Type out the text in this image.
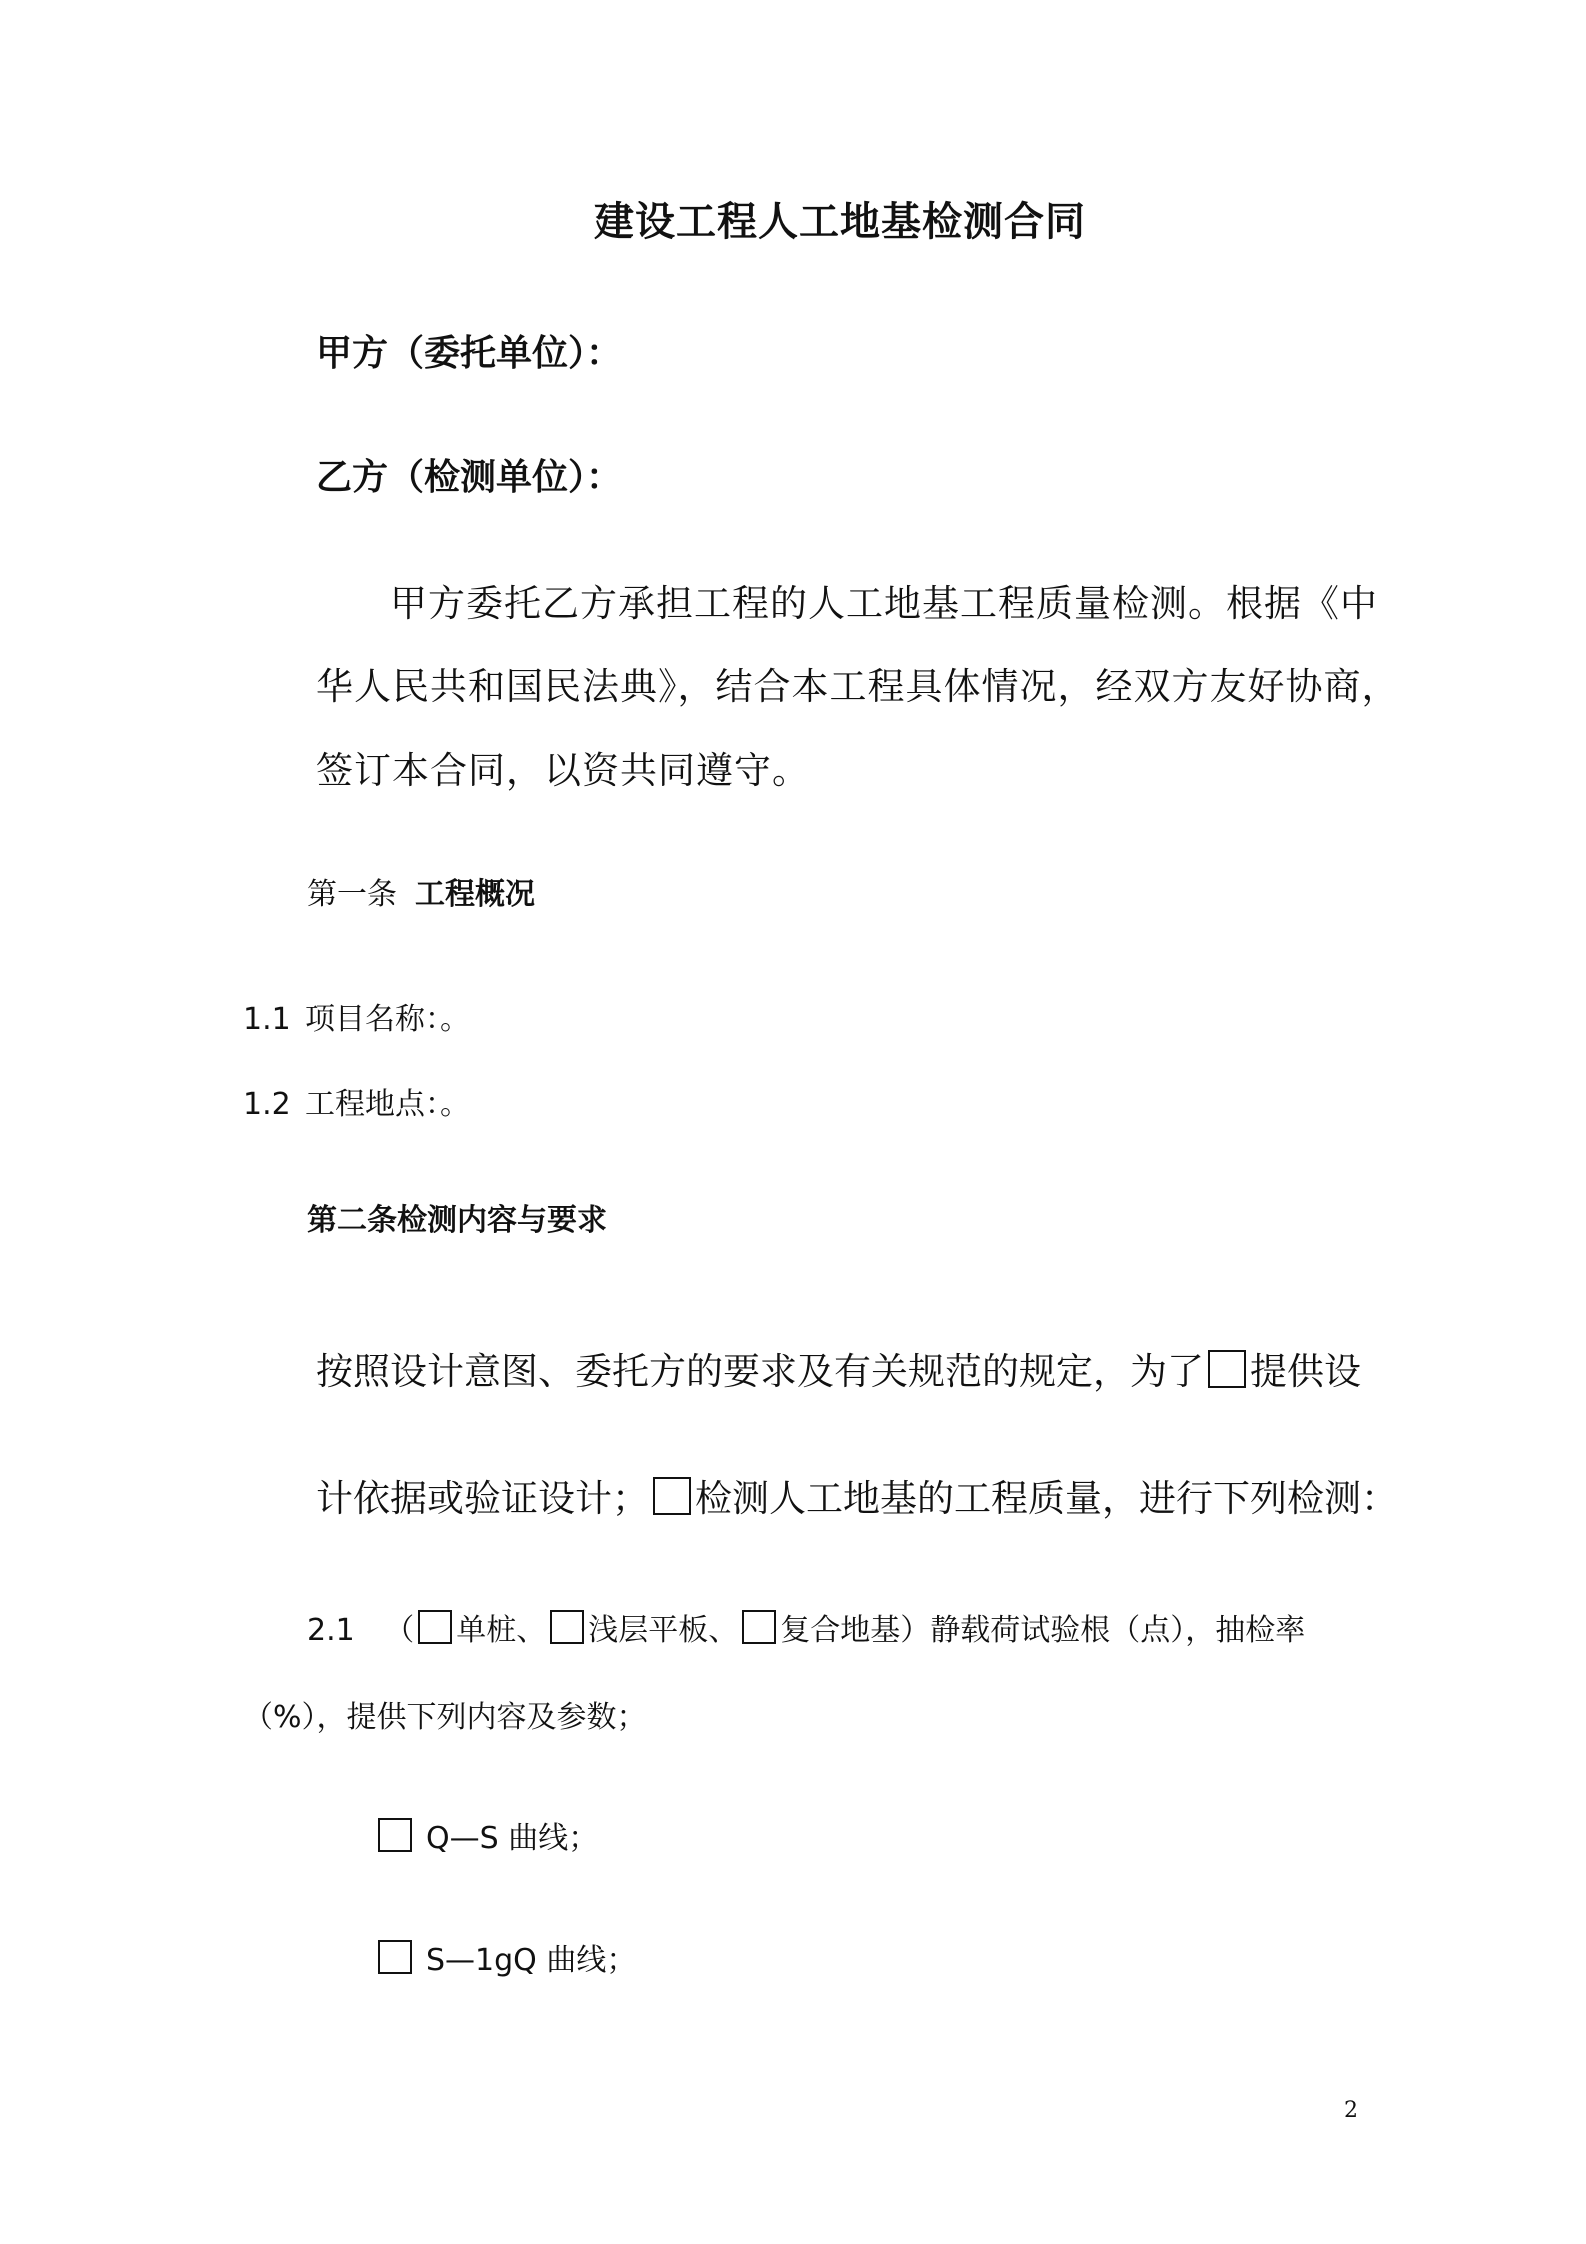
建设工程人工地基检测合同
甲方（委托单位）：
乙方（检测单位）：
甲方委托乙方承担工程的人工地基工程质量检测。根据《中
华人民共和国民法典》，结合本工程具体情况，经双方友好协商，
签订本合同，以资共同遵守。
第一条 工程概况
1.1 项目名称：。
1.2 工程地点：。
第二条检测内容与要求
按照设计意图、委托方的要求及有关规范的规定，为了 提供设
计依据或验证设计； 检测人工地基的工程质量，进行下列检测：
2.1 （ 单桩、 浅层平板、 复合地基）静载荷试验根（点），抽检率
（%），提供下列内容及参数；
Q—S 曲线；
S—1gQ 曲线；
2
